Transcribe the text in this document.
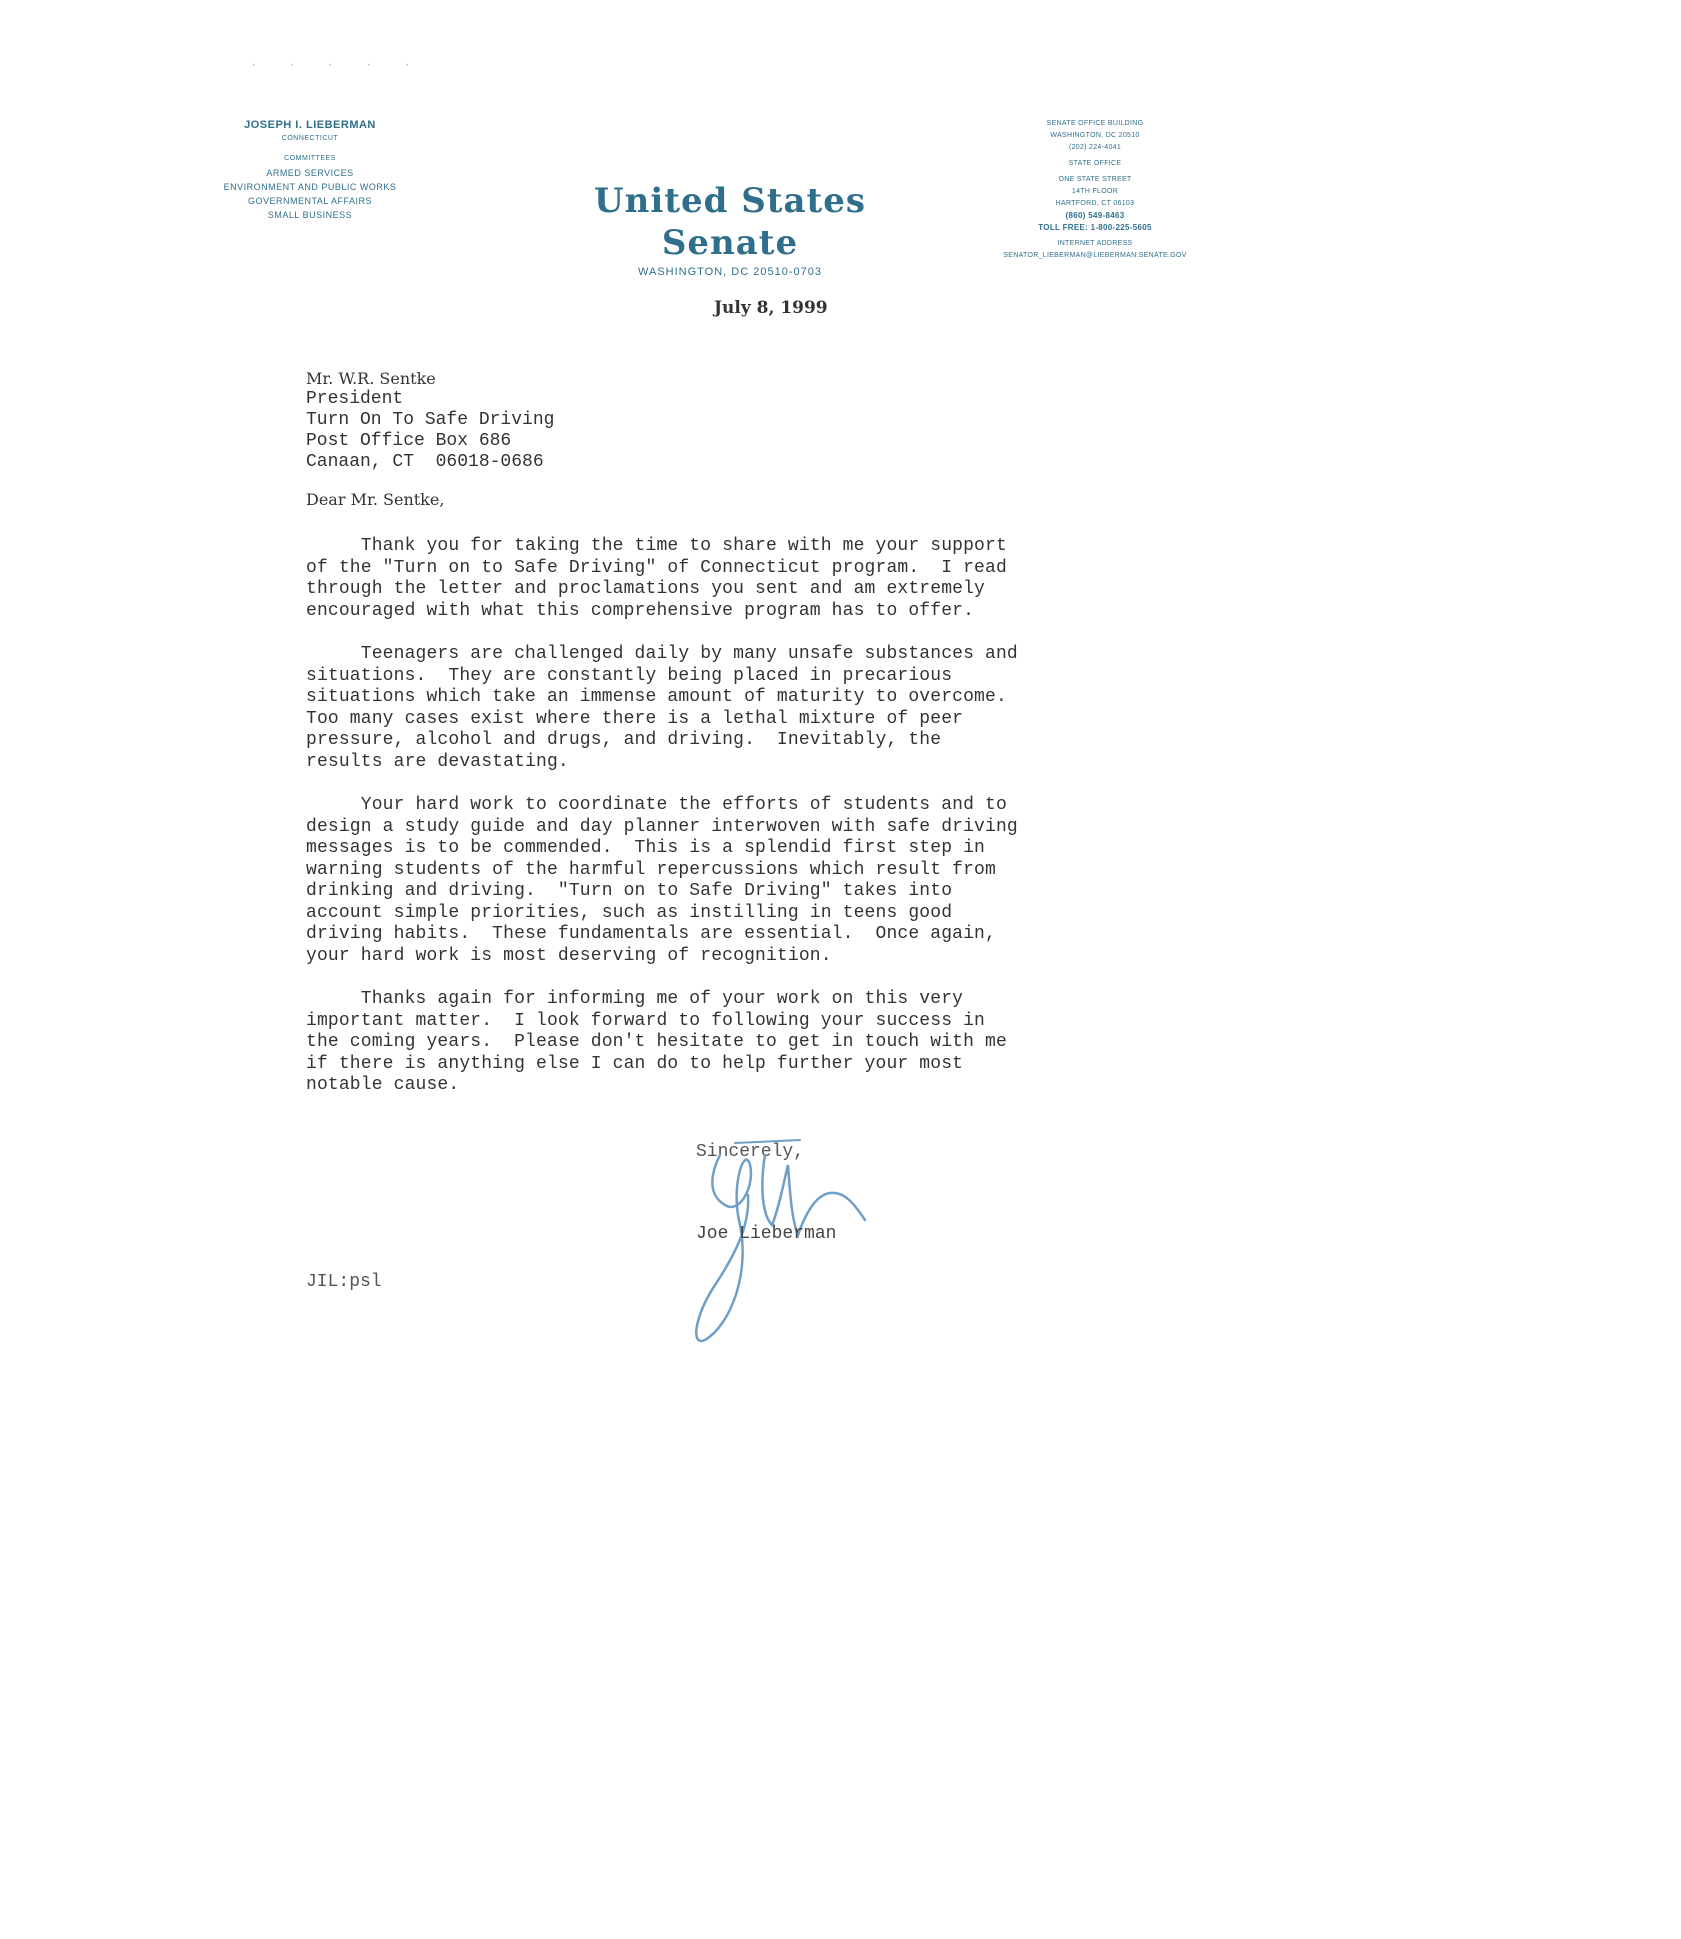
· · · · ·
JOSEPH I. LIEBERMAN
CONNECTICUT
COMMITTEES
ARMED SERVICES
ENVIRONMENT AND PUBLIC WORKS
GOVERNMENTAL AFFAIRS
SMALL BUSINESS	United States Senate
WASHINGTON, DC 20510-0703
SENATE OFFICE BUILDING
WASHINGTON, DC 20510
(202) 224-4041
STATE OFFICE
ONE STATE STREET
14TH FLOOR
HARTFORD, CT 06103
(860) 549-8463
TOLL FREE: 1-800-225-5605
INTERNET ADDRESS
SENATOR_LIEBERMAN@LIEBERMAN.SENATE.GOV
July 8, 1999
Mr. W.R. Sentke
President
Turn On To Safe Driving
Post Office Box 686
Canaan, CT  06018-0686
Dear Mr. Sentke,
Thank you for taking the time to share with me your support
of the "Turn on to Safe Driving" of Connecticut program.  I read
through the letter and proclamations you sent and am extremely
encouraged with what this comprehensive program has to offer.
Teenagers are challenged daily by many unsafe substances and
situations.  They are constantly being placed in precarious
situations which take an immense amount of maturity to overcome.
Too many cases exist where there is a lethal mixture of peer
pressure, alcohol and drugs, and driving.  Inevitably, the
results are devastating.
Your hard work to coordinate the efforts of students and to
design a study guide and day planner interwoven with safe driving
messages is to be commended.  This is a splendid first step in
warning students of the harmful repercussions which result from
drinking and driving.  "Turn on to Safe Driving" takes into
account simple priorities, such as instilling in teens good
driving habits.  These fundamentals are essential.  Once again,
your hard work is most deserving of recognition.
Thanks again for informing me of your work on this very
important matter.  I look forward to following your success in
the coming years.  Please don't hesitate to get in touch with me
if there is anything else I can do to help further your most
notable cause.
Sincerely,
Joe Lieberman
JIL:psl
